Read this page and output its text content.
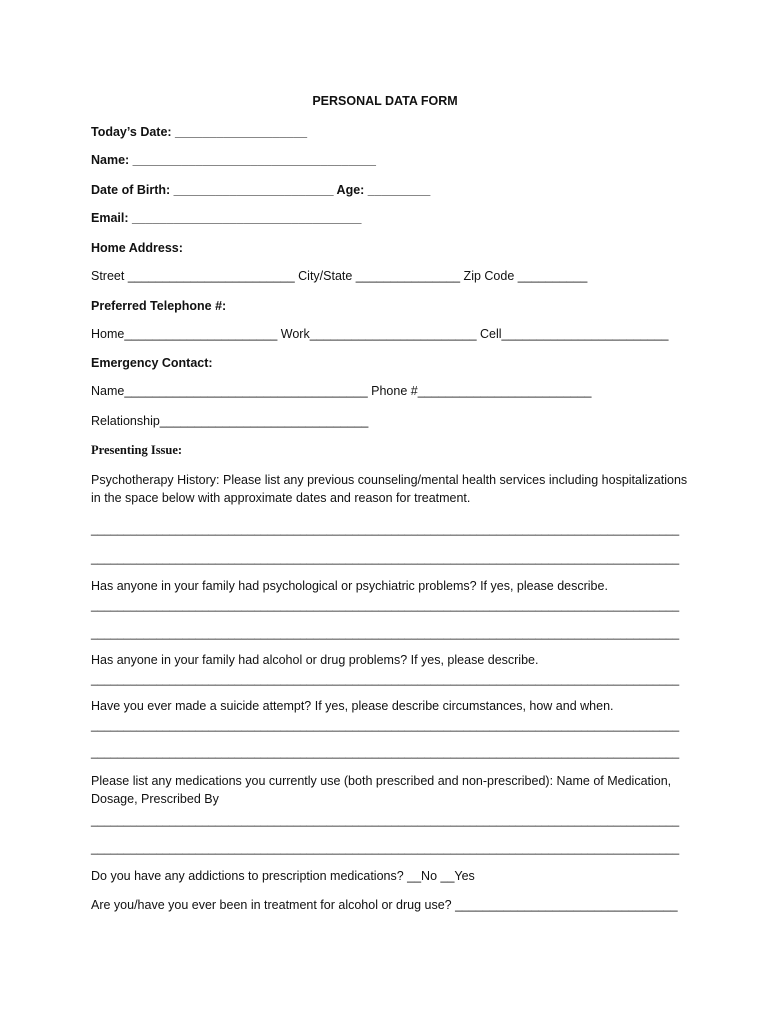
PERSONAL DATA FORM
Today’s Date: ___________________
Name: ___________________________________
Date of Birth: _______________________ Age: _________
Email: _________________________________
Home Address:
Street ________________________ City/State _______________ Zip Code __________
Preferred Telephone #:
Home______________________ Work________________________ Cell________________________
Emergency Contact:
Name___________________________________ Phone #_________________________
Relationship______________________________
Presenting Issue:
Psychotherapy History: Please list any previous counseling/mental health services including hospitalizations in the space below with approximate dates and reason for treatment.
__________________________________________________________________________________________
__________________________________________________________________________________________
Has anyone in your family had psychological or psychiatric problems? If yes, please describe.
__________________________________________________________________________________________
__________________________________________________________________________________________
Has anyone in your family had alcohol or drug problems? If yes, please describe.
__________________________________________________________________________________________
Have you ever made a suicide attempt? If yes, please describe circumstances, how and when.
__________________________________________________________________________________________
__________________________________________________________________________________________
Please list any medications you currently use (both prescribed and non-prescribed): Name of Medication, Dosage, Prescribed By
__________________________________________________________________________________________
__________________________________________________________________________________________
Do you have any addictions to prescription medications? __No __Yes
Are you/have you ever been in treatment for alcohol or drug use? ________________________________
